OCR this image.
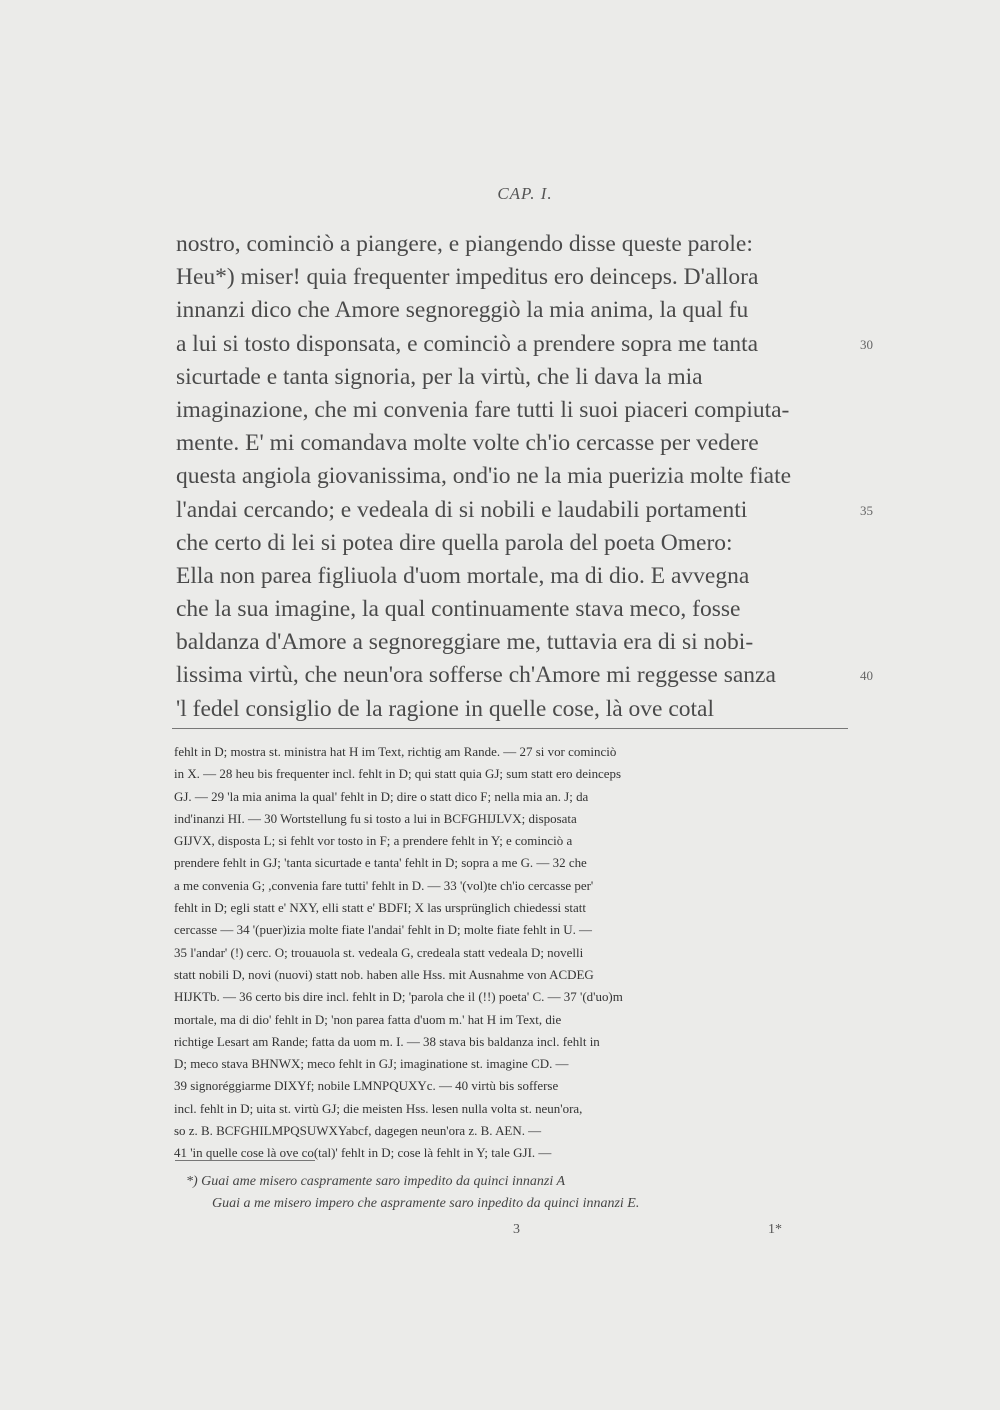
CAP. I.
nostro, cominciò a piangere, e piangendo disse queste parole:
Heu*) miser! quia frequenter impeditus ero deinceps. D'allora
innanzi dico che Amore segnoreggiò la mia anima, la qual fu
a lui si tosto disponsata, e cominciò a prendere sopra me tanta	30
sicurtade e tanta signoria, per la virtù, che li dava la mia
imaginazione, che mi convenia fare tutti li suoi piaceri compiuta-
mente. E' mi comandava molte volte ch'io cercasse per vedere
questa angiola giovanissima, ond'io ne la mia puerizia molte fiate
l'andai cercando; e vedeala di si nobili e laudabili portamenti	35
che certo di lei si potea dire quella parola del poeta Omero:
Ella non parea figliuola d'uom mortale, ma di dio. E avvegna
che la sua imagine, la qual continuamente stava meco, fosse
baldanza d'Amore a segnoreggiare me, tuttavia era di si nobi-
lissima virtù, che neun'ora sofferse ch'Amore mi reggesse sanza	40
'l fedel consiglio de la ragione in quelle cose, là ove cotal
fehlt in D; mostra st. ministra hat H im Text, richtig am Rande. — 27 si vor cominciòin X. — 28 heu bis frequenter incl. fehlt in D; qui statt quia GJ; sum statt ero deincepsGJ. — 29 'la mia anima la qual' fehlt in D; dire o statt dico F; nella mia an. J; daind'inanzi HI. — 30 Wortstellung fu si tosto a lui in BCFGHIJLVX; disposataGIJVX, disposta L; si fehlt vor tosto in F; a prendere fehlt in Y; e cominciò aprendere fehlt in GJ; 'tanta sicurtade e tanta' fehlt in D; sopra a me G. — 32 chea me convenia G; ,convenia fare tutti' fehlt in D. — 33 '(vol)te ch'io cercasse per'fehlt in D; egli statt e' NXY, elli statt e' BDFI; X las ursprünglich chiedessi stattcercasse — 34 '(puer)izia molte fiate l'andai' fehlt in D; molte fiate fehlt in U. —35 l'andar' (!) cerc. O; trouauola st. vedeala G, credeala statt vedeala D; novellistatt nobili D, novi (nuovi) statt nob. haben alle Hss. mit Ausnahme von ACDEGHIJKTb. — 36 certo bis dire incl. fehlt in D; 'parola che il (!!) poeta' C. — 37 '(d'uo)mmortale, ma di dio' fehlt in D; 'non parea fatta d'uom m.' hat H im Text, dierichtige Lesart am Rande; fatta da uom m. I. — 38 stava bis baldanza incl. fehlt inD; meco stava BHNWX; meco fehlt in GJ; imaginatione st. imagine CD. —39 signoréggiarme DIXYf; nobile LMNPQUXYc. — 40 virtù bis sofferseincl. fehlt in D; uita st. virtù GJ; die meisten Hss. lesen nulla volta st. neun'ora,so z. B. BCFGHILMPQSUWXYabcf, dagegen neun'ora z. B. AEN. —41 'in quelle cose là ove co(tal)' fehlt in D; cose là fehlt in Y; tale GJI. —
*) Guai ame misero caspramente saro impedito da quinci innanzi A
Guai a me misero impero che aspramente saro inpedito da quinci innanzi E.
3	1*
